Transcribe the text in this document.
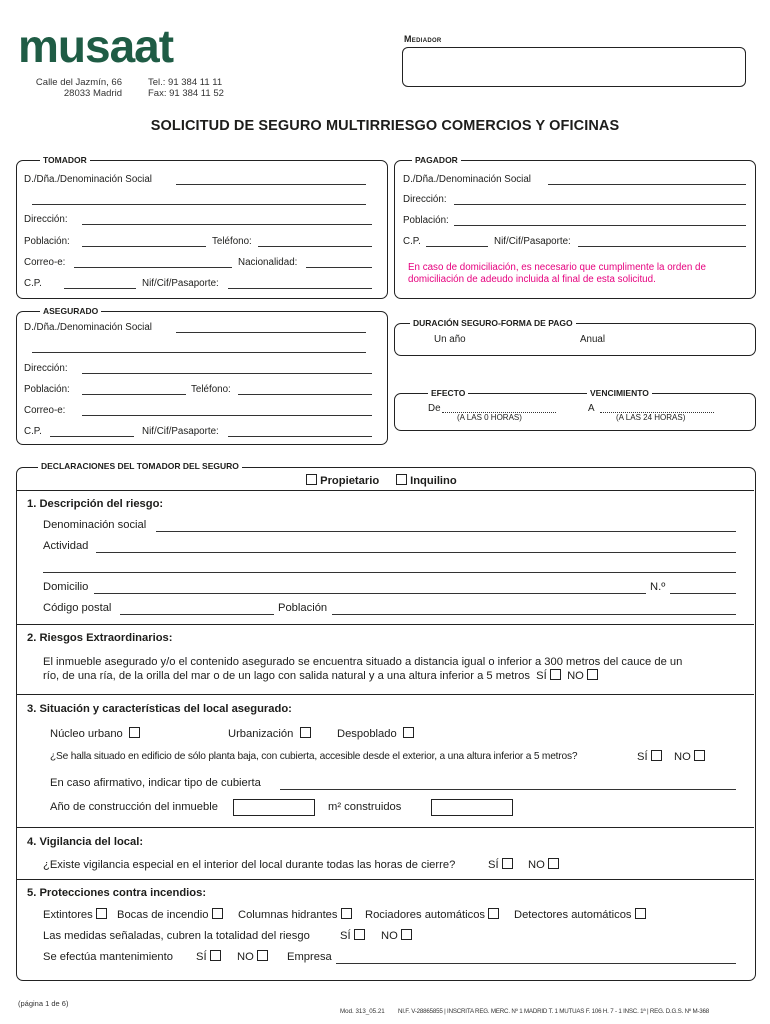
musaat
Calle del Jazmín, 66
28033 Madrid
Tel.: 91 384 11 11
Fax: 91 384 11 52
Mediador
SOLICITUD DE SEGURO MULTIRRIESGO COMERCIOS Y OFICINAS
TOMADOR
D./Dña./Denominación Social
Dirección:
Población:	Teléfono:
Correo-e:	Nacionalidad:
C.P.	Nif/Cif/Pasaporte:
PAGADOR
D./Dña./Denominación Social
Dirección:
Población:
C.P.	Nif/Cif/Pasaporte:
En caso de domiciliación, es necesario que cumplimente la orden de domiciliación de adeudo incluida al final de esta solicitud.
ASEGURADO
D./Dña./Denominación Social
Dirección:
Población:	Teléfono:
Correo-e:
C.P.	Nif/Cif/Pasaporte:
DURACIÓN SEGURO-FORMA DE PAGO
Un año	Anual
EFECTO	VENCIMIENTO
De
(A LAS 0 HORAS)
A
(A LAS 24 HORAS)
DECLARACIONES DEL TOMADOR DEL SEGURO
Propietario	Inquilino
1. Descripción del riesgo:
Denominación social
Actividad
Domicilio	N.º
Código postal	Población
2. Riesgos Extraordinarios:
El inmueble asegurado y/o el contenido asegurado se encuentra situado a distancia igual o inferior a 300 metros del cauce de un
río, de una ría, de la orilla del mar o de un lago con salida natural y a una altura inferior a 5 metros SÍ NO
3. Situación y características del local asegurado:
Núcleo urbano	Urbanización	Despoblado
¿Se halla situado en edificio de sólo planta baja, con cubierta, accesible desde el exterior, a una altura inferior a 5 metros?	SÍ	NO
En caso afirmativo, indicar tipo de cubierta
Año de construcción del inmueble	m² construidos
4. Vigilancia del local:
¿Existe vigilancia especial en el interior del local durante todas las horas de cierre?	SÍ	NO
5. Protecciones contra incendios:
Extintores	Bocas de incendio	Columnas hidrantes	Rociadores automáticos	Detectores automáticos
Las medidas señaladas, cubren la totalidad del riesgo	SÍ	NO
Se efectúa mantenimiento SÍ	NO	Empresa
(página 1 de 6)
Mod. 313_05.21 NI.F. V-28865855 | INSCRITA REG. MERC. Nº 1 MADRID T. 1 MUTUAS F. 106 H. 7 - 1 INSC. 1ª | REG. D.G.S. Nº M-368
